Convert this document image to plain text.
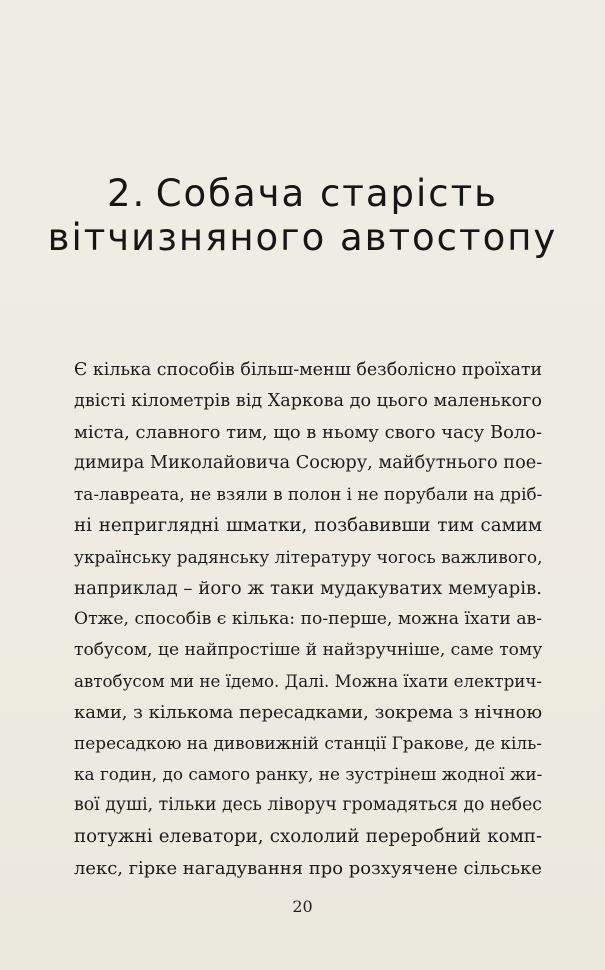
2. Собача старість
вітчизняного автостопу
Є кілька способів більш-менш безболісно проїхати
двісті кілометрів від Харкова до цього маленького
міста, славного тим, що в ньому свого часу Воло-
димира Миколайовича Сосюру, майбутнього пое-
та-лавреата, не взяли в полон і не порубали на дріб-
ні непригляднi шматки, позбавивши тим самим
українську радянську літературу чогось важливого,
наприклад – його ж таки мудакуватих мемуарів.
Отже, способів є кілька: по-перше, можна їхати ав-
тобусом, це найпростіше й найзручніше, саме тому
автобусом ми не їдемо. Далі. Можна їхати електрич-
ками, з кількома пересадками, зокрема з нічною
пересадкою на дивовижній станції Гракове, де кіль-
ка годин, до самого ранку, не зустрінеш жодної жи-
вої душі, тільки десь ліворуч громадяться до небес
потужні елеватори, схололий переробний комп-
лекс, гірке нагадування про розхуячене сільське
20
